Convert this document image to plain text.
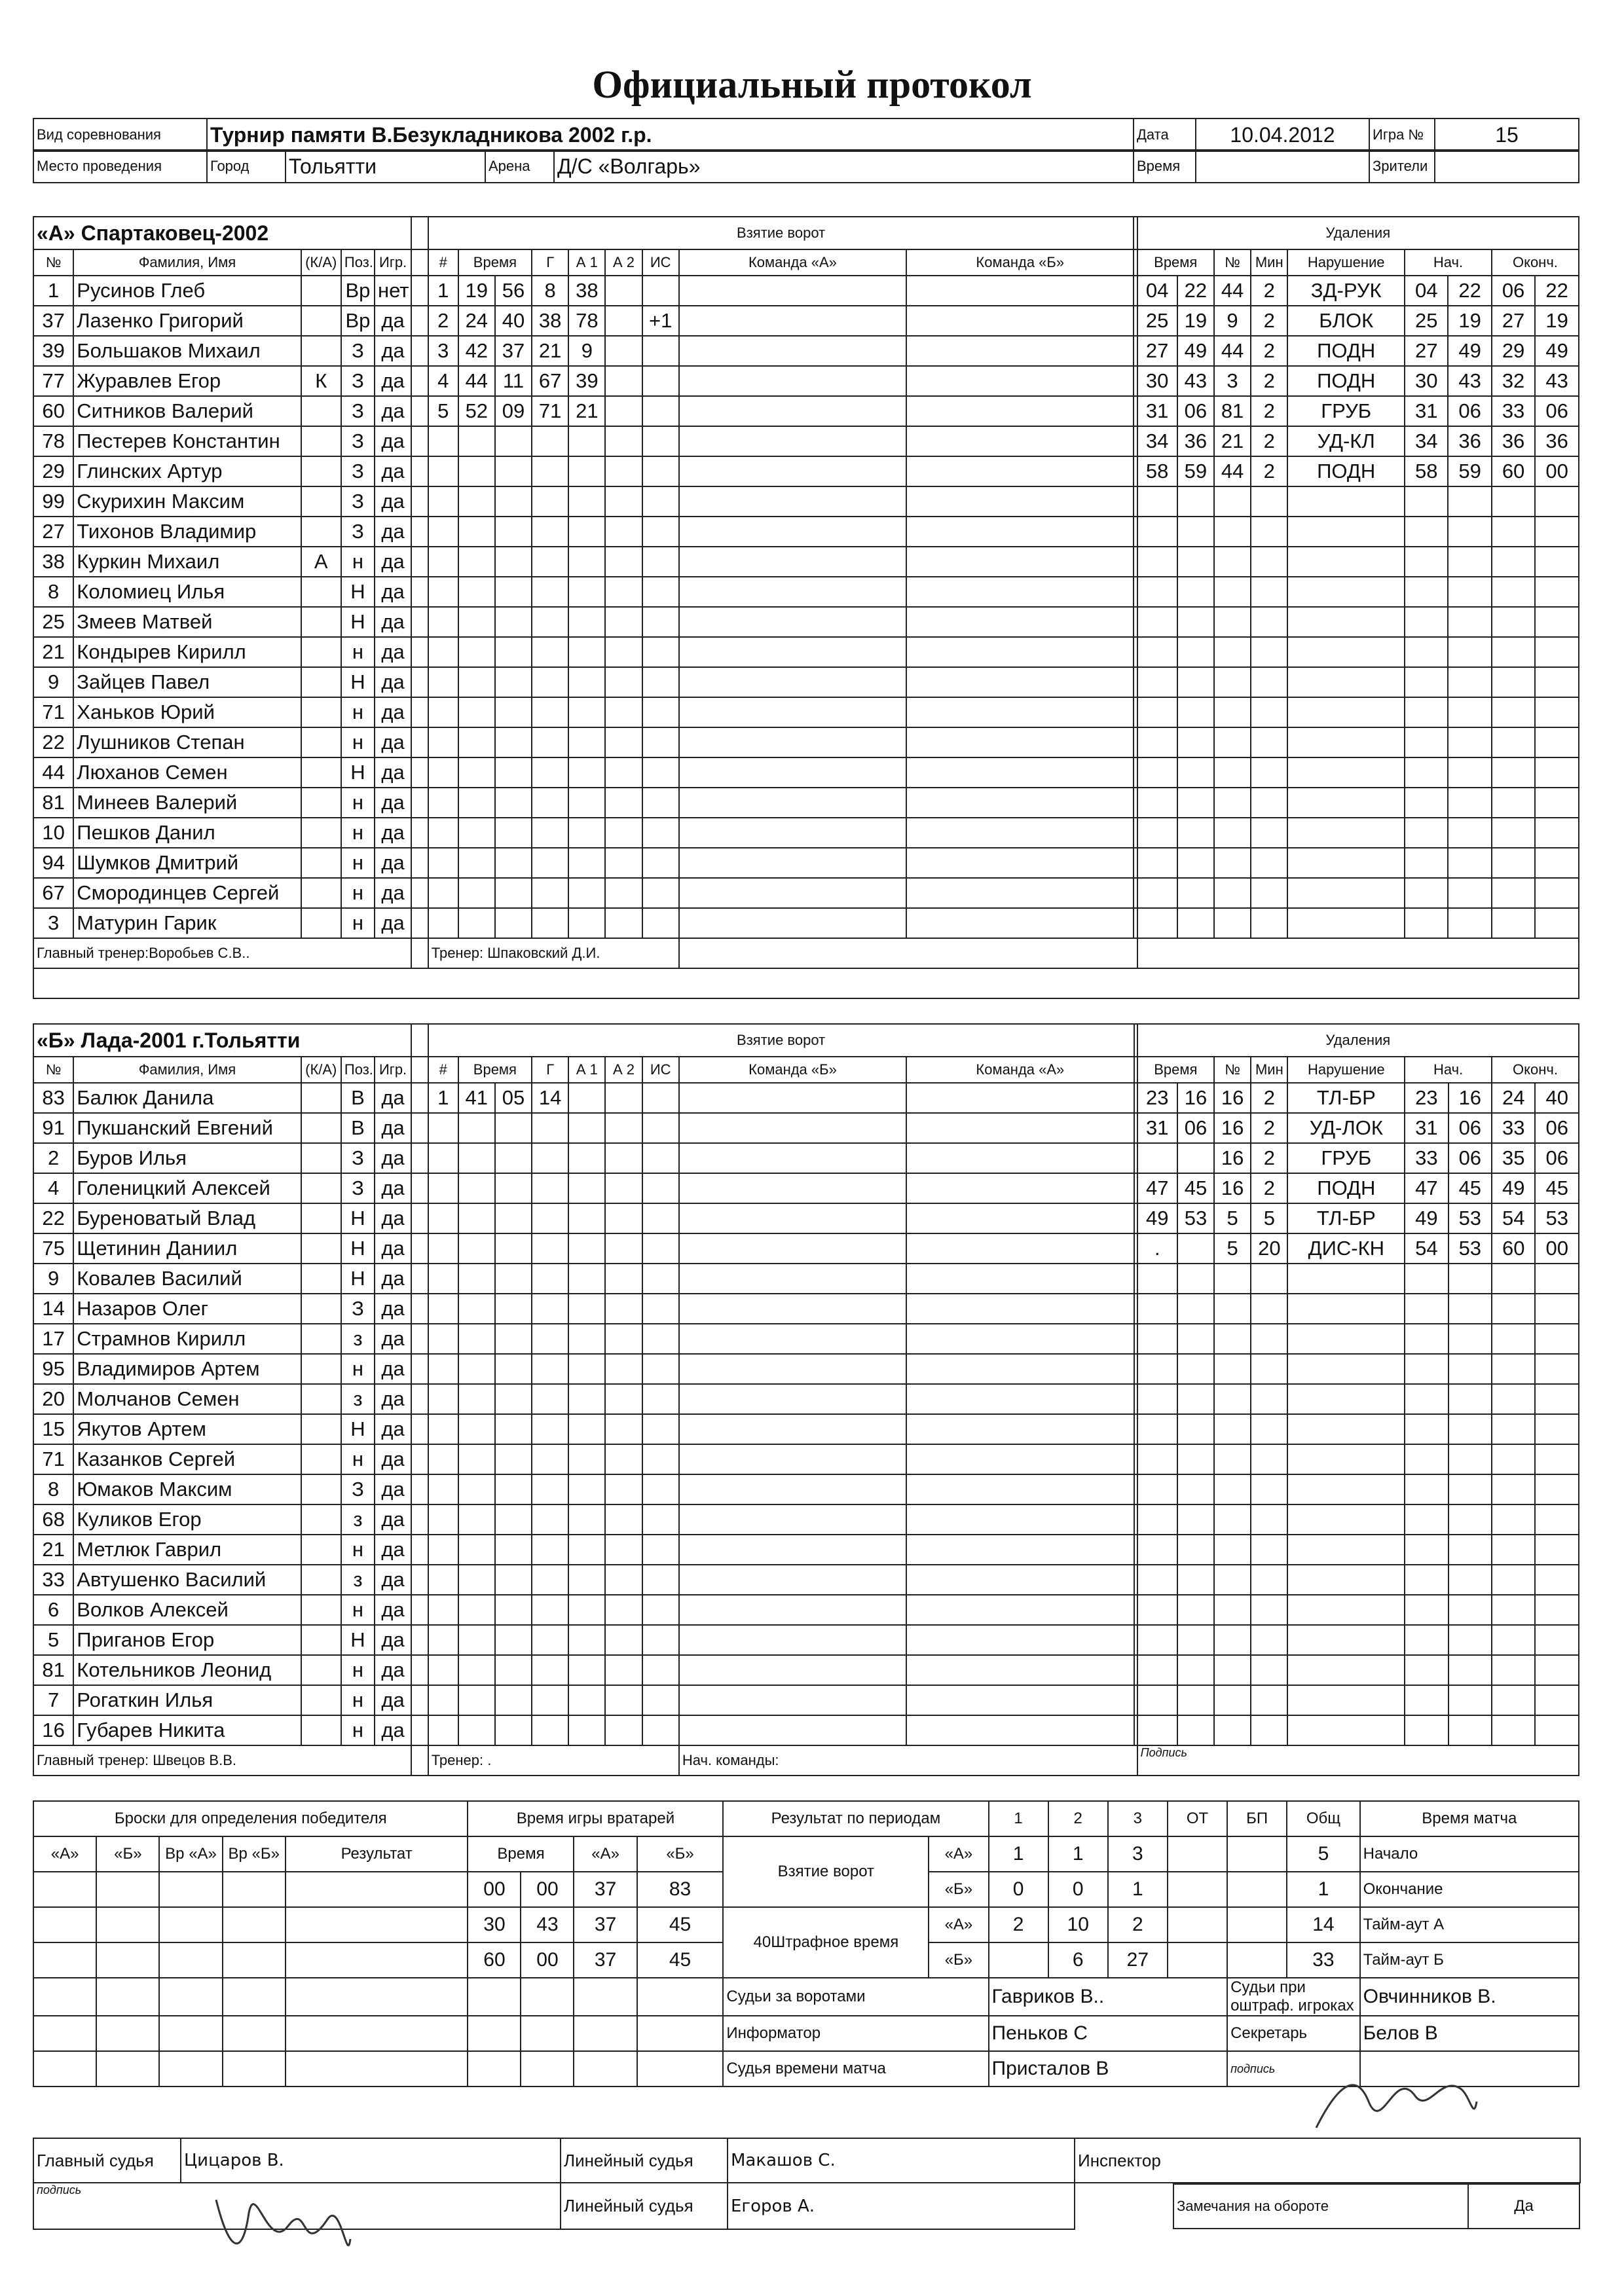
Официальный протокол
Вид соревнования	Турнир памяти В.Безукладникова 2002 г.р.	Дата	10.04.2012	Игра №	15
Место проведения	Город	Тольятти	Арена	Д/С «Волгарь»	Время		Зрители	
«А» Спартаковец-2002						Взятие ворот										Удаления								
№	Фамилия, Имя	(К/А)	Поз.	Игр.		#	Время		Г	А 1	А 2	ИС	Команда «А»	Команда «Б»		Время		№	Мин	Нарушение	Нач.		Оконч.	
1	Русинов Глеб		Вр	нет		1	19	56	8	38						04	22	44	2	ЗД-РУК	04	22	06	22
37	Лазенко Григорий		Вр	да		2	24	40	38	78		+1				25	19	9	2	БЛОК	25	19	27	19
39	Большаков Михаил		З	да		3	42	37	21	9						27	49	44	2	ПОДН	27	49	29	49
77	Журавлев Егор	К	З	да		4	44	11	67	39						30	43	3	2	ПОДН	30	43	32	43
60	Ситников Валерий		З	да		5	52	09	71	21						31	06	81	2	ГРУБ	31	06	33	06
78	Пестерев Константин		З	да												34	36	21	2	УД-КЛ	34	36	36	36
29	Глинских Артур		З	да												58	59	44	2	ПОДН	58	59	60	00
99	Скурихин Максим		З	да																				
27	Тихонов Владимир		З	да																				
38	Куркин Михаил	А	н	да																				
8	Коломиец Илья		Н	да																				
25	Змеев Матвей		Н	да																				
21	Кондырев Кирилл		н	да																				
9	Зайцев Павел		Н	да																				
71	Ханьков Юрий		н	да																				
22	Лушников Степан		н	да																				
44	Люханов Семен		Н	да																				
81	Минеев Валерий		н	да																				
10	Пешков Данил		н	да																				
94	Шумков Дмитрий		н	да																				
67	Смородинцев Сергей		н	да																				
3	Матурин Гарик		н	да																				
Главный тренер:Воробьев С.В..						Тренер: Шпаковский Д.И.																		

«Б» Лада-2001 г.Тольятти						Взятие ворот										Удаления								
№	Фамилия, Имя	(К/А)	Поз.	Игр.		#	Время		Г	А 1	А 2	ИС	Команда «Б»	Команда «А»		Время		№	Мин	Нарушение	Нач.		Оконч.	
83	Балюк Данила		В	да		1	41	05	14							23	16	16	2	ТЛ-БР	23	16	24	40
91	Пукшанский Евгений		В	да												31	06	16	2	УД-ЛОК	31	06	33	06
2	Буров Илья		З	да														16	2	ГРУБ	33	06	35	06
4	Голеницкий Алексей		З	да												47	45	16	2	ПОДН	47	45	49	45
22	Буреноватый Влад		Н	да												49	53	5	5	ТЛ-БР	49	53	54	53
75	Щетинин Даниил		Н	да												.		5	20	ДИС-КН	54	53	60	00
9	Ковалев Василий		Н	да																				
14	Назаров Олег		З	да																				
17	Страмнов Кирилл		з	да																				
95	Владимиров Артем		н	да																				
20	Молчанов Семен		з	да																				
15	Якутов Артем		Н	да																				
71	Казанков Сергей		н	да																				
8	Юмаков Максим		З	да																				
68	Куликов Егор		з	да																				
21	Метлюк Гаврил		н	да																				
33	Автушенко Василий		з	да																				
6	Волков Алексей		н	да																				
5	Приганов Егор		Н	да																				
81	Котельников Леонид		н	да																				
7	Рогаткин Илья		н	да																				
16	Губарев Никита		н	да																				
Главный тренер: Швецов В.В.						Тренер: .							Нач. команды:			Подпись								
Броски для определения победителя					Время игры вратарей				Результат по периодам		1	2	3	ОТ	БП	Общ	Время матча
«А»	«Б»	Вр «А»	Вр «Б»	Результат	Время		«А»	«Б»	Взятие ворот	«А»	1	1	3			5	Начало
					00	00	37	83		«Б»	0	0	1			1	Окончание
					30	43	37	45	40Штрафное время	«А»	2	10	2			14	Тайм-аут А
					60	00	37	45		«Б»		6	27			33	Тайм-аут Б
									Судьи за воротами		Гавриков В..				Судьи при оштраф. игроках		Овчинников В.
									Информатор		Пеньков С				Секретарь		Белов В
									Судья времени матча		Присталов В				подпись		
Главный судья	Цицаров В.	Линейный судья	Макашов С.	Инспектор
подпись	Линейный судья	Егоров А.			Замечания на обороте	Да
